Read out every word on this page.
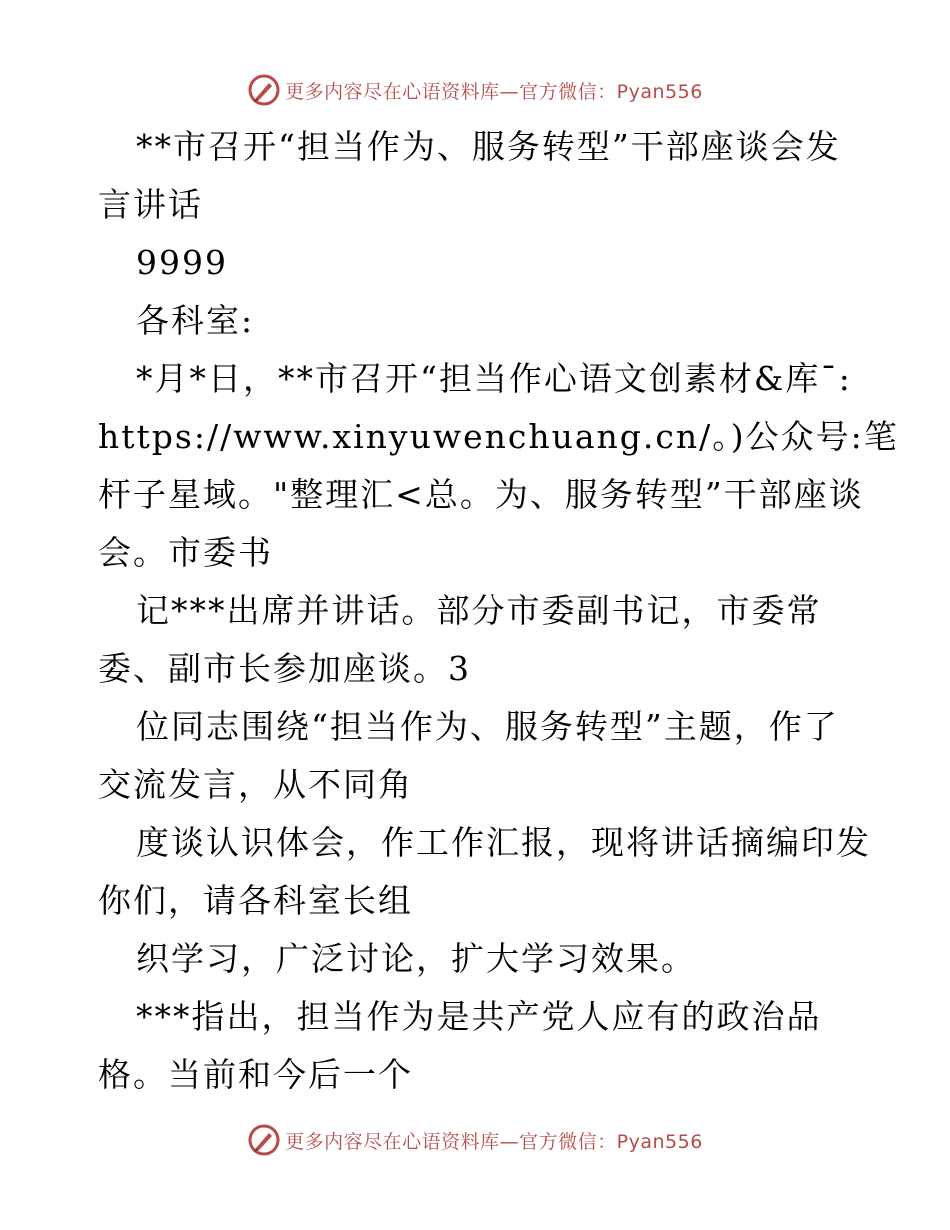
更多内容尽在心语资料库—官方微信：Pyan556
**市召开“担当作为、服务转型”干部座谈会发
言讲话
9999
各科室:
*月*日，**市召开“担当作心语文创素材&库¯:
https://www.xinyuwenchuang.cn/。)公众号:笔
杆子星域。"整理汇<总。为、服务转型”干部座谈
会。市委书
记***出席并讲话。部分市委副书记，市委常
委、副市长参加座谈。3
位同志围绕“担当作为、服务转型”主题，作了
交流发言，从不同角
度谈认识体会，作工作汇报，现将讲话摘编印发
你们，请各科室长组
织学习，广泛讨论，扩大学习效果。
***指出，担当作为是共产党人应有的政治品
格。当前和今后一个
更多内容尽在心语资料库—官方微信：Pyan556
